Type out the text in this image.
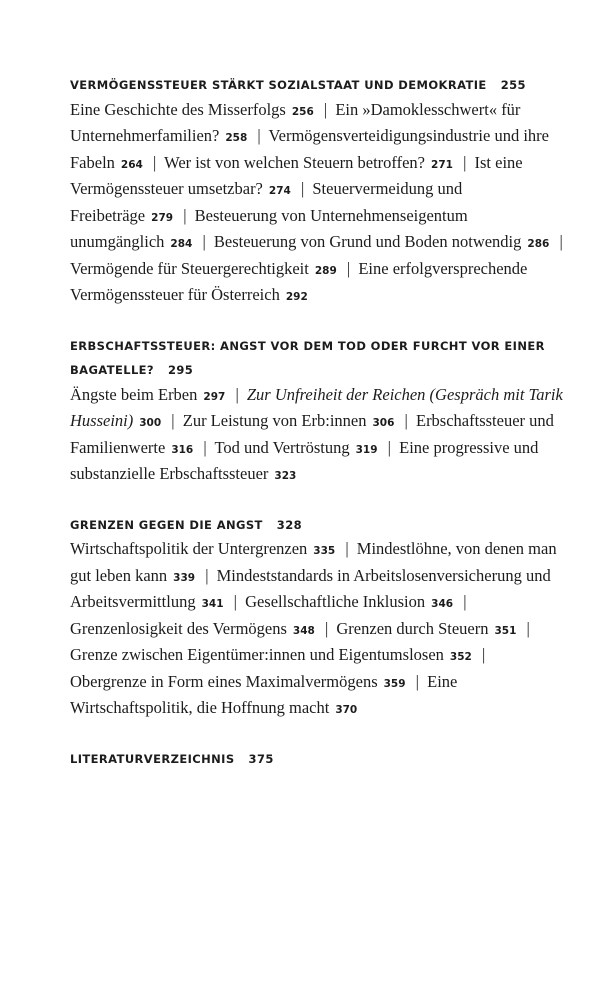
VERMÖGENSSTEUER STÄRKT SOZIALSTAAT UND DEMOKRATIE 255
Eine Geschichte des Misserfolgs 256 | Ein »Damoklesschwert« für Unternehmerfamilien? 258 | Vermögensverteidigungsindustrie und ihre Fabeln 264 | Wer ist von welchen Steuern betroffen? 271 | Ist eine Vermögenssteuer umsetzbar? 274 | Steuervermeidung und Freibeträge 279 | Besteuerung von Unternehmenseigentum unumgänglich 284 | Besteuerung von Grund und Boden notwendig 286 | Vermögende für Steuergerechtigkeit 289 | Eine erfolgversprechende Vermögenssteuer für Österreich 292
ERBSCHAFTSSTEUER: ANGST VOR DEM TOD ODER FURCHT VOR EINER BAGATELLE? 295
Ängste beim Erben 297 | Zur Unfreiheit der Reichen (Gespräch mit Tarik Husseini) 300 | Zur Leistung von Erb:innen 306 | Erbschaftssteuer und Familienwerte 316 | Tod und Vertröstung 319 | Eine progressive und substanzielle Erbschaftssteuer 323
GRENZEN GEGEN DIE ANGST 328
Wirtschaftspolitik der Untergrenzen 335 | Mindestlöhne, von denen man gut leben kann 339 | Mindeststandards in Arbeitslosenversicherung und Arbeitsvermittlung 341 | Gesellschaftliche Inklusion 346 | Grenzenlosigkeit des Vermögens 348 | Grenzen durch Steuern 351 | Grenze zwischen Eigentümer:innen und Eigentumslosen 352 | Obergrenze in Form eines Maximalvermögens 359 | Eine Wirtschaftspolitik, die Hoffnung macht 370
LITERATURVERZEICHNIS 375
